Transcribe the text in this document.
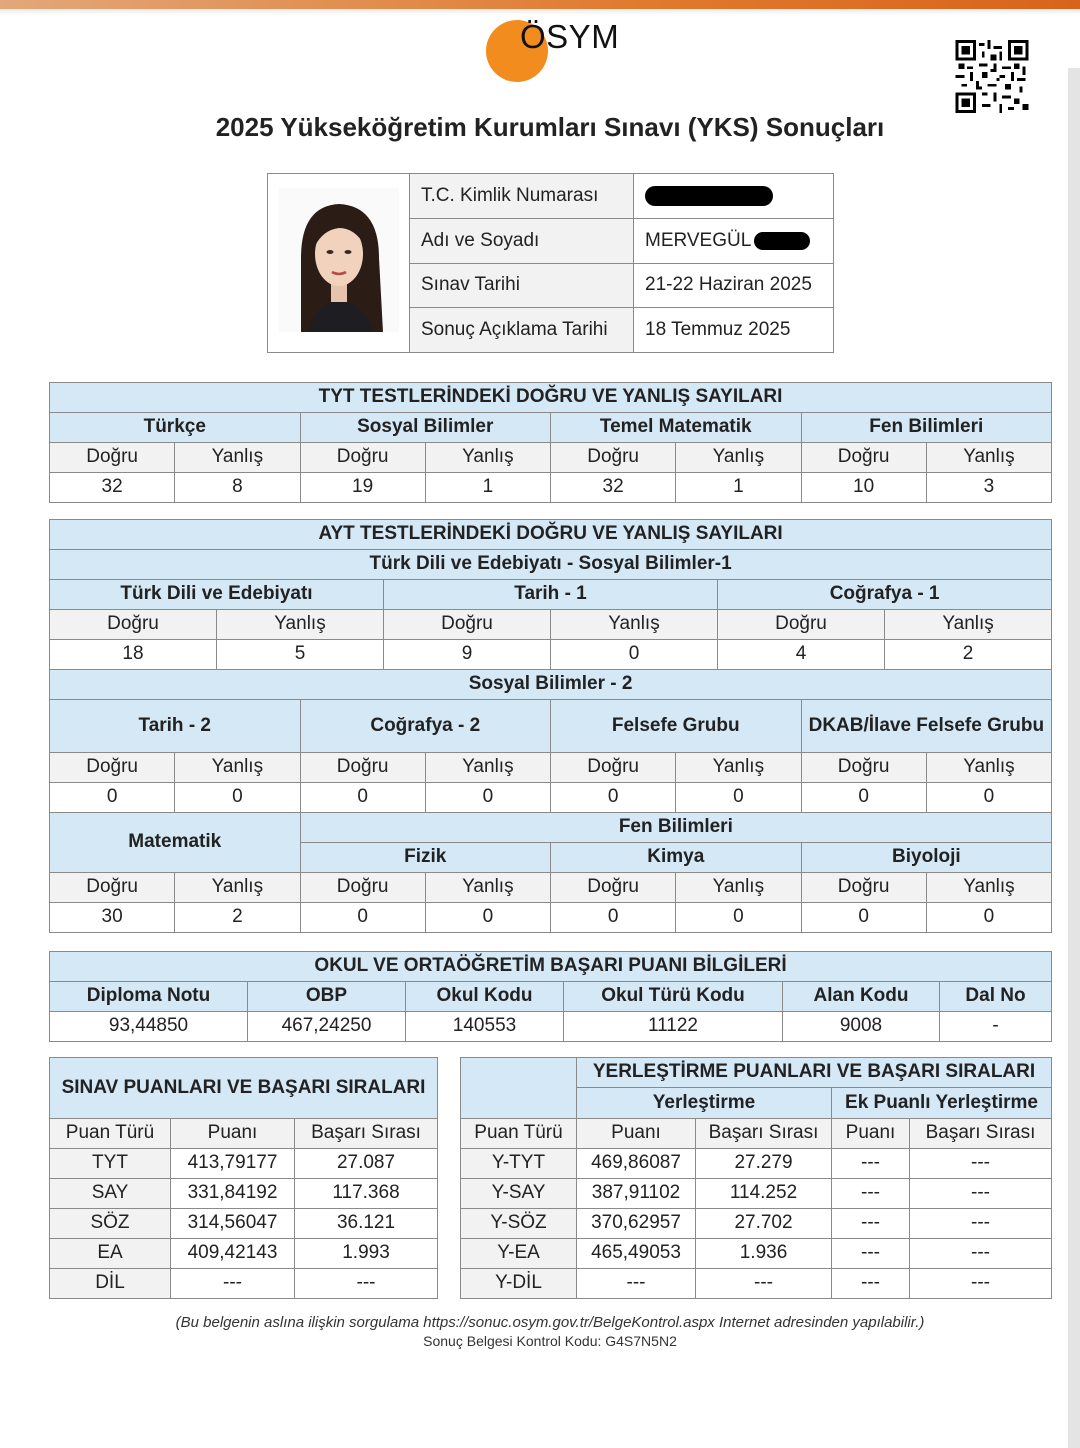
ÖSYM
2025 Yükseköğretim Kurumları Sınavı (YKS) Sonuçları
	T.C. Kimlik Numarası	
	Adı ve Soyadı	MERVEGÜL
	Sınav Tarihi	21-22 Haziran 2025
	Sonuç Açıklama Tarihi	18 Temmuz 2025
TYT TESTLERİNDEKİ DOĞRU VE YANLIŞ SAYILARI							
Türkçe		Sosyal Bilimler		Temel Matematik		Fen Bilimleri	
Doğru	Yanlış	Doğru	Yanlış	Doğru	Yanlış	Doğru	Yanlış
32	8	19	1	32	1	10	3
AYT TESTLERİNDEKİ DOĞRU VE YANLIŞ SAYILARI											
Türk Dili ve Edebiyatı - Sosyal Bilimler-1											
Türk Dili ve Edebiyatı				Tarih - 1				Coğrafya - 1			
Doğru		Yanlış		Doğru		Yanlış		Doğru		Yanlış	
18		5		9		0		4		2	
Sosyal Bilimler - 2											
Tarih - 2			Coğrafya - 2			Felsefe Grubu			DKAB/İlave Felsefe Grubu		
Doğru	Yanlış		Doğru		Yanlış	Doğru	Yanlış		Doğru		Yanlış
0	0		0		0	0	0		0		0
Matematik			Fen Bilimleri								
			Fizik			Kimya			Biyoloji		
Doğru	Yanlış		Doğru		Yanlış	Doğru	Yanlış		Doğru		Yanlış
30	2		0		0	0	0		0		0
OKUL VE ORTAÖĞRETİM BAŞARI PUANI BİLGİLERİ					
Diploma Notu	OBP	Okul Kodu	Okul Türü Kodu	Alan Kodu	Dal No
93,44850	467,24250	140553	11122	9008	-
SINAV PUANLARI VE BAŞARI SIRALARI		
Puan Türü	Puanı	Başarı Sırası
TYT	413,79177	27.087
SAY	331,84192	117.368
SÖZ	314,56047	36.121
EA	409,42143	1.993
DİL	---	---
	YERLEŞTİRME PUANLARI VE BAŞARI SIRALARI			
	Yerleştirme		Ek Puanlı Yerleştirme	
Puan Türü	Puanı	Başarı Sırası	Puanı	Başarı Sırası
Y-TYT	469,86087	27.279	---	---
Y-SAY	387,91102	114.252	---	---
Y-SÖZ	370,62957	27.702	---	---
Y-EA	465,49053	1.936	---	---
Y-DİL	---	---	---	---
(Bu belgenin aslına ilişkin sorgulama https://sonuc.osym.gov.tr/BelgeKontrol.aspx Internet adresinden yapılabilir.)
Sonuç Belgesi Kontrol Kodu: G4S7N5N2
